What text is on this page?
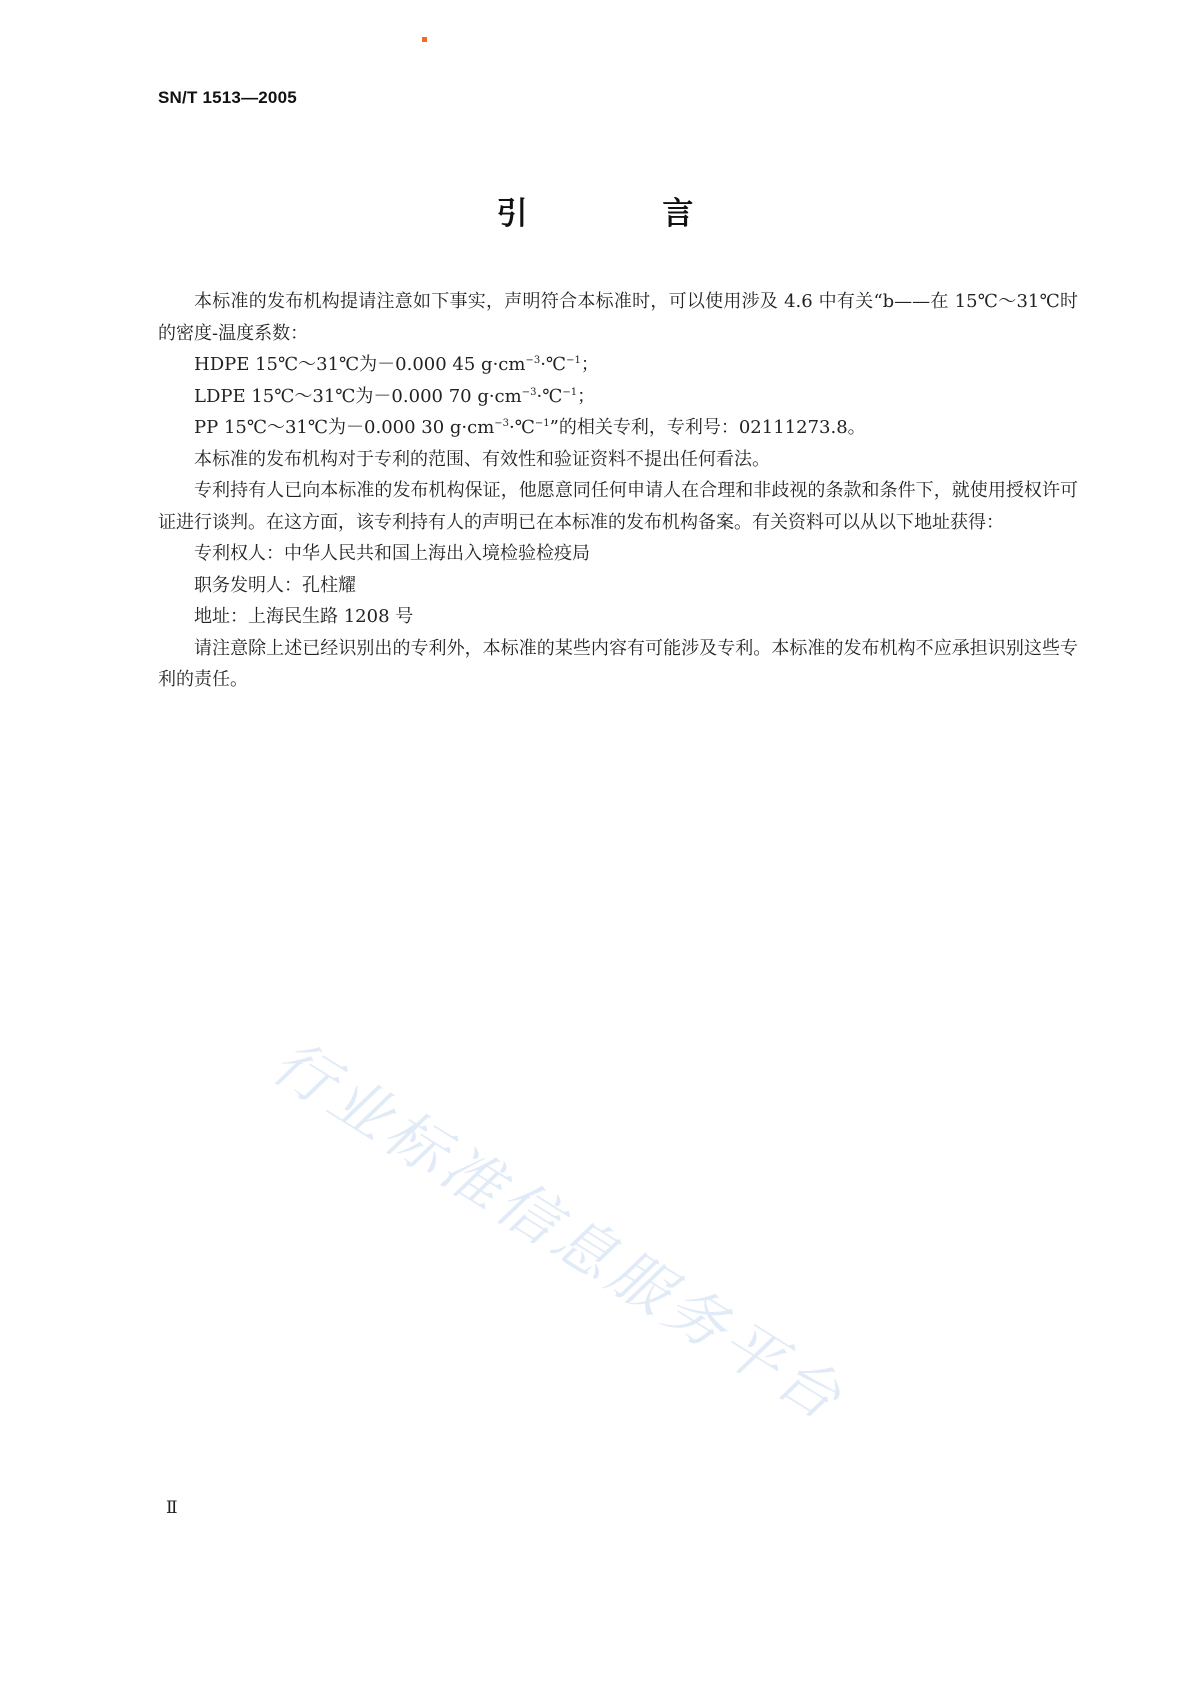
SN/T 1513—2005
引 言

本标准的发布机构提请注意如下事实，声明符合本标准时，可以使用涉及 4.6 中有关“b——在 15℃～31℃时的密度-温度系数：

HDPE 15℃～31℃为－0.000 45 $g\cdot cm^{-3}\cdot℃^{-1}$；

LDPE 15℃～31℃为－0.000 70 $g\cdot cm^{-3}\cdot℃^{-1}$；

PP 15℃～31℃为－0.000 30 $g\cdot cm^{-3}\cdot℃^{-1}$”的相关专利，专利号：02111273.8。

本标准的发布机构对于专利的范围、有效性和验证资料不提出任何看法。

专利持有人已向本标准的发布机构保证，他愿意同任何申请人在合理和非歧视的条款和条件下，就使用授权许可证进行谈判。在这方面，该专利持有人的声明已在本标准的发布机构备案。有关资料可以从以下地址获得：

专利权人：中华人民共和国上海出入境检验检疫局

职务发明人：孔柱耀

地址：上海民生路 1208 号

请注意除上述已经识别出的专利外，本标准的某些内容有可能涉及专利。本标准的发布机构不应承担识别这些专利的责任。

行业标准信息服务平台
Ⅱ
